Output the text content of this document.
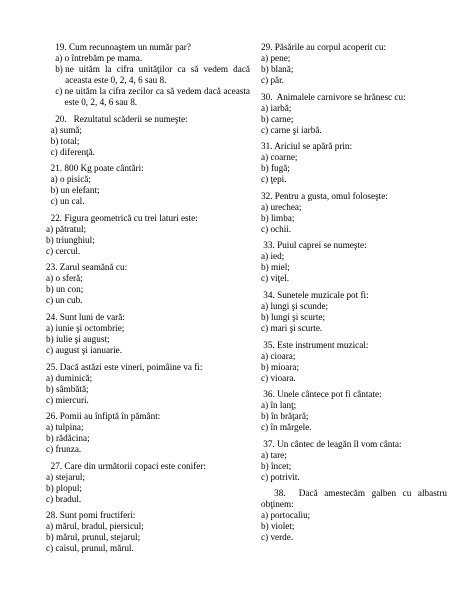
19. Cum recunoaştem un număr par?
a) o întrebăm pe mama.
b) ne uităm la cifra unităţilor ca să vedem dacă aceasta este 0, 2, 4, 6 sau 8.
c) ne uităm la cifra zecilor ca să vedem dacă aceasta este 0, 2, 4, 6 sau 8.
20.   Rezultatul scăderii se numeşte:
a) sumă;
b) total;
c) diferenţă.
21. 800 Kg poate cântări:
a) o pisică;
b) un elefant;
c) un cal.
22. Figura geometrică cu trei laturi este:
a) pătratul;
b) triunghiul;
c) cercul.
23. Zarul seamănă cu:
a) o sferă;
b) un con;
c) un cub.
24. Sunt luni de vară:
a) iunie şi octombrie;
b) iulie şi august;
c) august şi ianuarie.
25. Dacă astăzi este vineri, poimâine va fi:
a) duminică;
b) sâmbătă;
c) miercuri.
26. Pomii au înfiptă în pământ:
a) tulpina;
b) rădăcina;
c) frunza.
27. Care din următorii copaci este conifer:
a) stejarul;
b) plopul;
c) bradul.
28. Sunt pomi fructiferi:
a) mărul, bradul, piersicul;
b) mărul, prunul, stejarul;
c) caisul, prunul, mărul.
29. Păsările au corpul acoperit cu:
a) pene;
b) blană;
c) păr.
30.  Animalele carnivore se hrănesc cu:
a) iarbă;
b) carne;
c) carne şi iarbă.
31. Ariciul se apără prin:
a) coarne;
b) fugă;
c) ţepi.
32. Pentru a gusta, omul foloseşte:
a) urechea;
b) limba;
c) ochii.
33. Puiul caprei se numeşte:
a) ied;
b) miel;
c) viţel.
34. Sunetele muzicale pot fi:
a) lungi şi scunde;
b) lungi şi scurte;
c) mari şi scurte.
35. Este instrument muzical:
a) cioara;
b) mioara;
c) vioara.
36. Unele cântece pot fi cântate:
a) în lanţ;
b) în brăţară;
c) în mărgele.
37. Un cântec de leagăn îl vom cânta:
a) tare;
b) încet;
c) potrivit.
38.  Dacă amestecăm galben cu albastru obţinem:
a) portocaliu;
b) violet;
c) verde.
